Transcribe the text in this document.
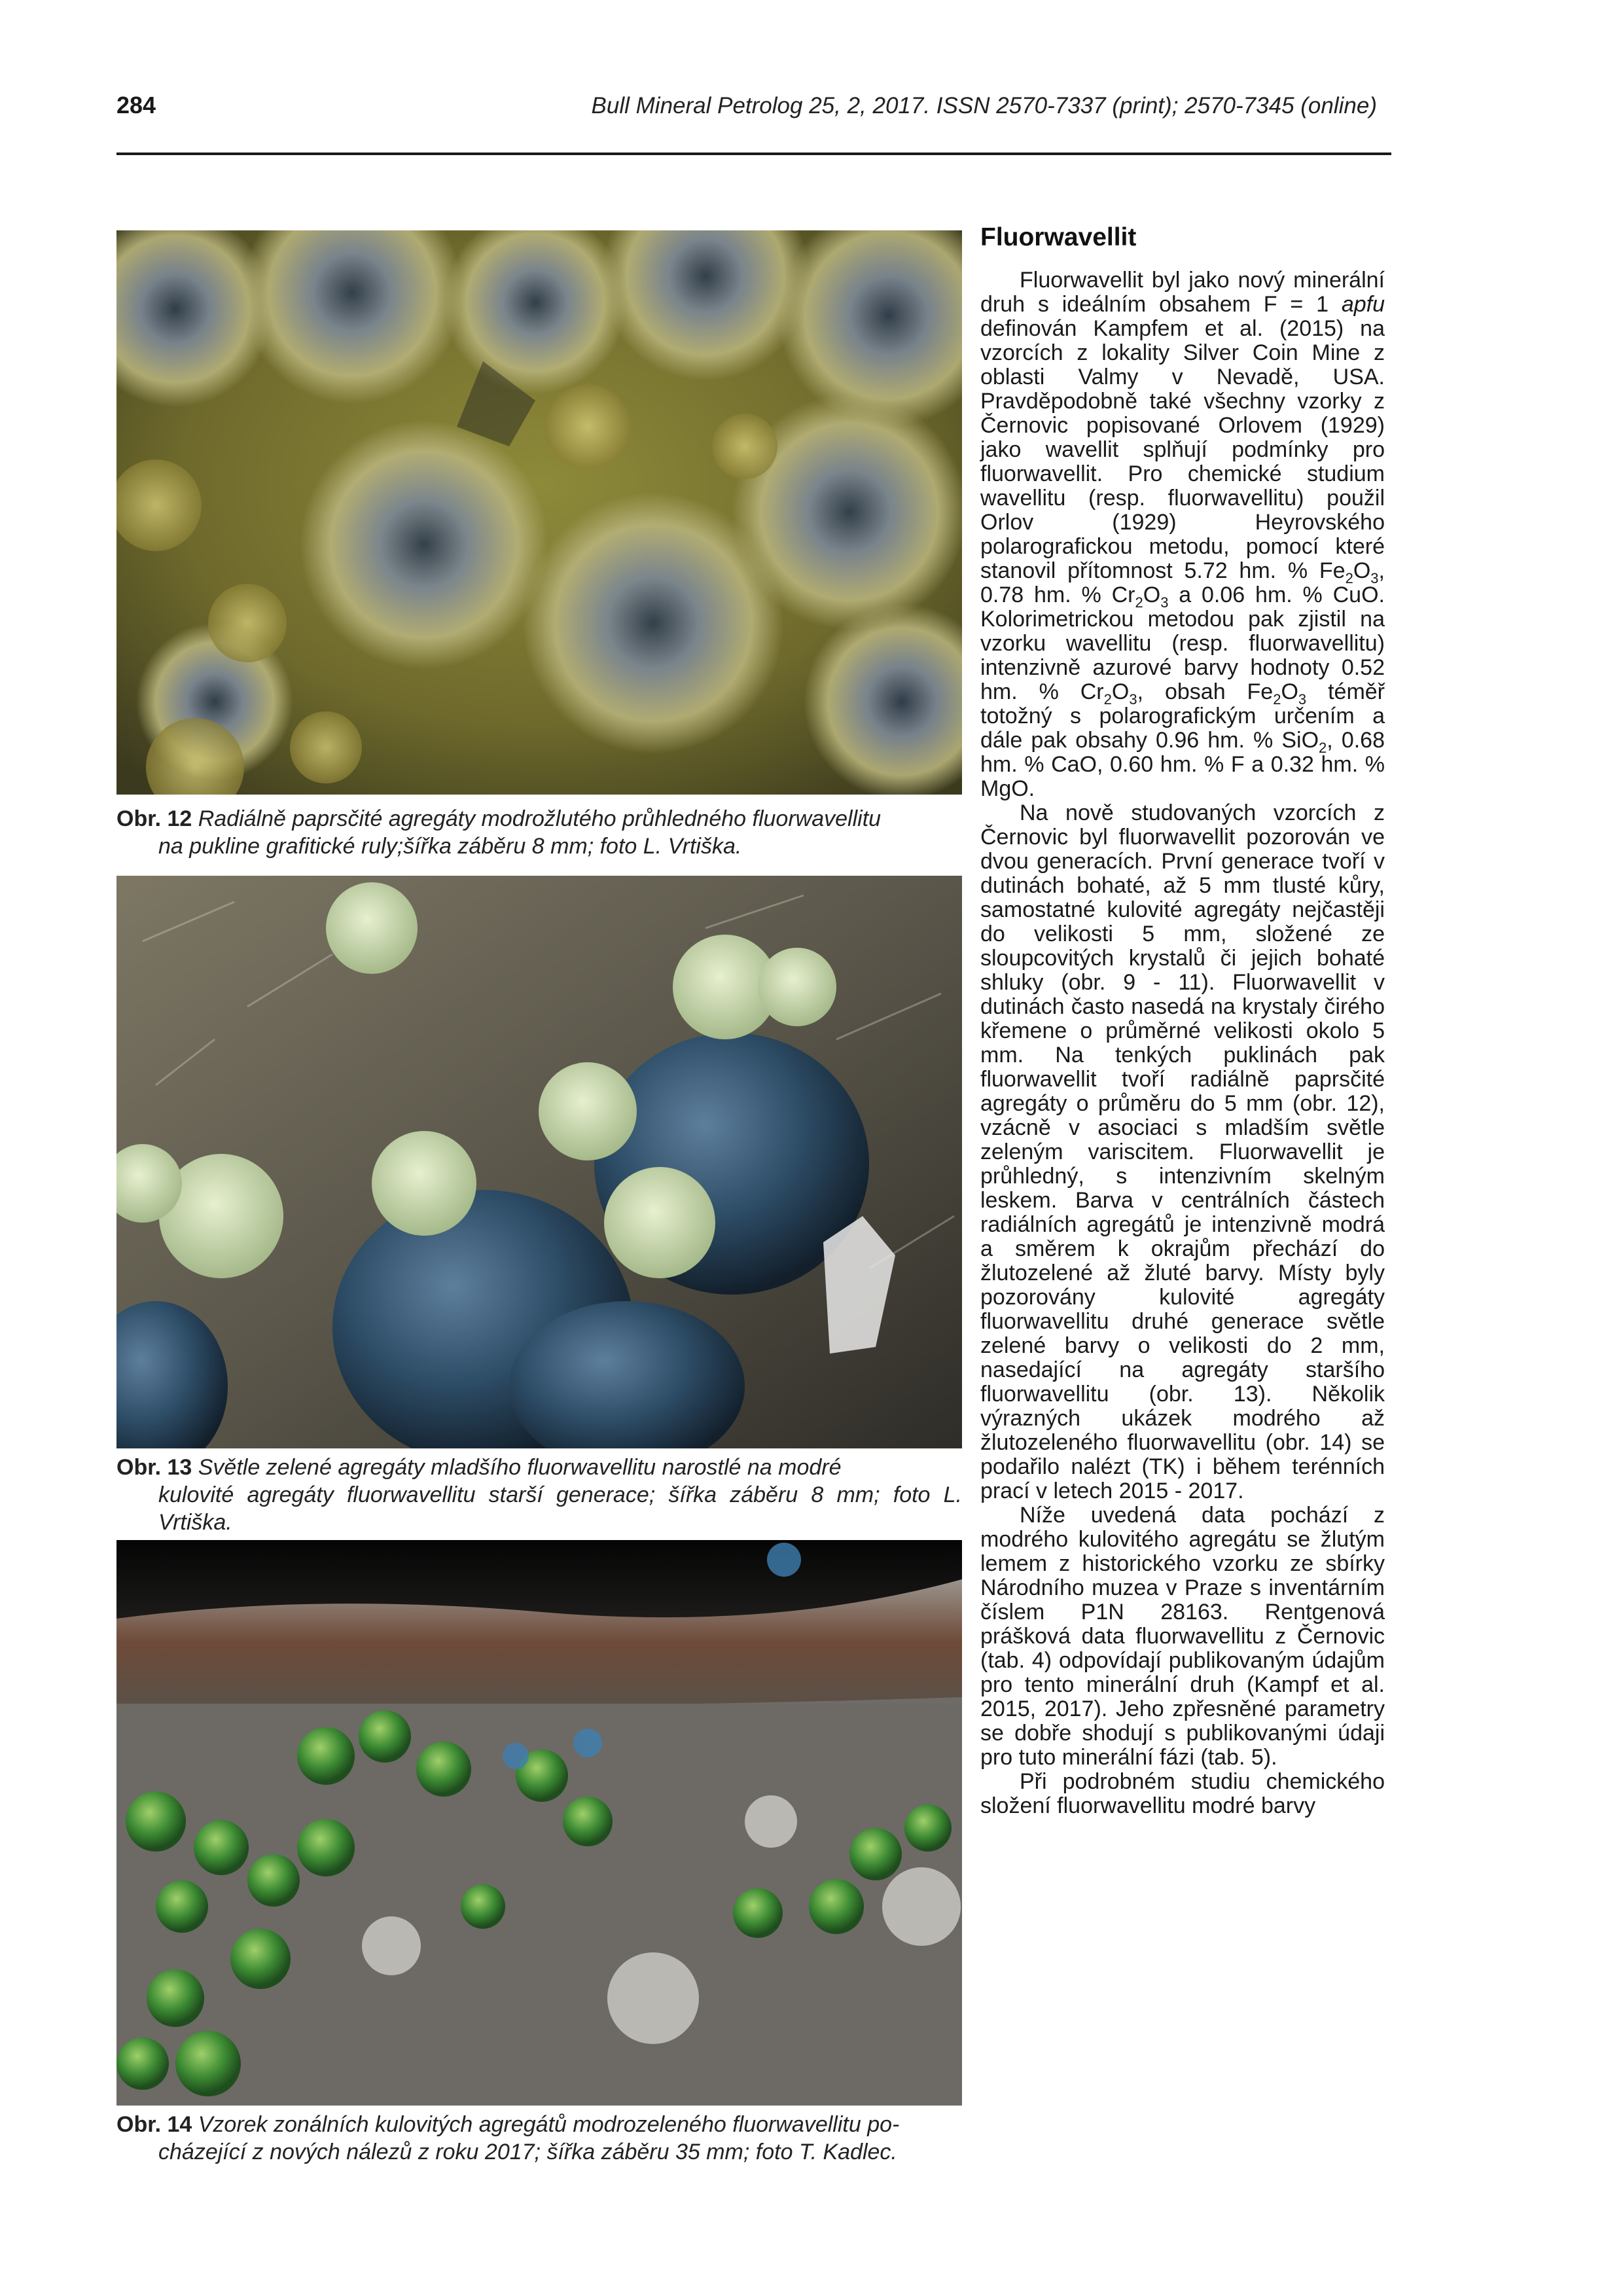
284	Bull Mineral Petrolog 25, 2, 2017. ISSN 2570-7337 (print); 2570-7345 (online)
Obr. 12 Radiálně paprsčité agregáty modrožlutého průhledného fluorwavellitu
na pukline grafitické ruly;šířka záběru 8 mm; foto L. Vrtiška.
Obr. 13 Světle zelené agregáty mladšího fluorwavellitu narostlé na modré
kulovité agregáty fluorwavellitu starší generace; šířka záběru 8 mm; foto L. Vrtiška.
Obr. 14 Vzorek zonálních kulovitých agregátů modrozeleného fluorwavellitu po-
cházející z nových nálezů z roku 2017; šířka záběru 35 mm; foto T. Kadlec.
Fluorwavellit

Fluorwavellit byl jako nový minerální druh s ideálním obsahem F = 1 apfu definován Kampfem et al. (2015) na vzorcích z lokality Silver Coin Mine z oblasti Valmy v Nevadě, USA. Pravděpodobně také všechny vzorky z Černovic popisované Orlovem (1929) jako wavellit splňují podmínky pro fluorwavellit. Pro chemické studium wavellitu (resp. fluorwavellitu) použil Orlov (1929) Heyrovského polarografickou metodu, pomocí které stanovil přítomnost 5.72 hm. % $Fe_2O_3$, 0.78 hm. % $Cr_2O_3$ a 0.06 hm. % CuO. Kolorimetrickou metodou pak zjistil na vzorku wavellitu (resp. fluorwavellitu) intenzivně azurové barvy hodnoty 0.52 hm. % $Cr_2O_3$, obsah $Fe_2O_3$ téměř totožný s polarografickým určením a dále pak obsahy 0.96 hm. % SiO$_2$, 0.68 hm. % CaO, 0.60 hm. % F a 0.32 hm. % MgO.

Na nově studovaných vzorcích z Černovic byl fluorwavellit pozorován ve dvou generacích. První generace tvoří v dutinách bohaté, až 5 mm tlusté kůry, samostatné kulovité agregáty nejčastěji do velikosti 5 mm, složené ze sloupcovitých krystalů či jejich bohaté shluky (obr. 9 - 11). Fluorwavellit v dutinách často nasedá na krystaly čirého křemene o průměrné velikosti okolo 5 mm. Na tenkých puklinách pak fluorwavellit tvoří radiálně paprsčité agregáty o průměru do 5 mm (obr. 12), vzácně v asociaci s mladším světle zeleným variscitem. Fluorwavellit je průhledný, s intenzivním skelným leskem. Barva v centrálních částech radiálních agregátů je intenzivně modrá a směrem k okrajům přechází do žlutozelené až žluté barvy. Místy byly pozorovány kulovité agregáty fluorwavellitu druhé generace světle zelené barvy o velikosti do 2 mm, nasedající na agregáty staršího fluorwavellitu (obr. 13). Několik výrazných ukázek modrého až žlutozeleného fluorwavellitu (obr. 14) se podařilo nalézt (TK) i během terénních prací v letech 2015 - 2017.

Níže uvedená data pochází z modrého kulovitého agregátu se žlutým lemem z historického vzorku ze sbírky Národního muzea v Praze s inventárním číslem P1N 28163. Rentgenová prášková data fluorwavellitu z Černovic (tab. 4) odpovídají publikovaným údajům pro tento minerální druh (Kampf et al. 2015, 2017). Jeho zpřesněné parametry se dobře shodují s publikovanými údaji pro tuto minerální fázi (tab. 5).

Při podrobném studiu chemického složení fluorwavellitu modré barvy
